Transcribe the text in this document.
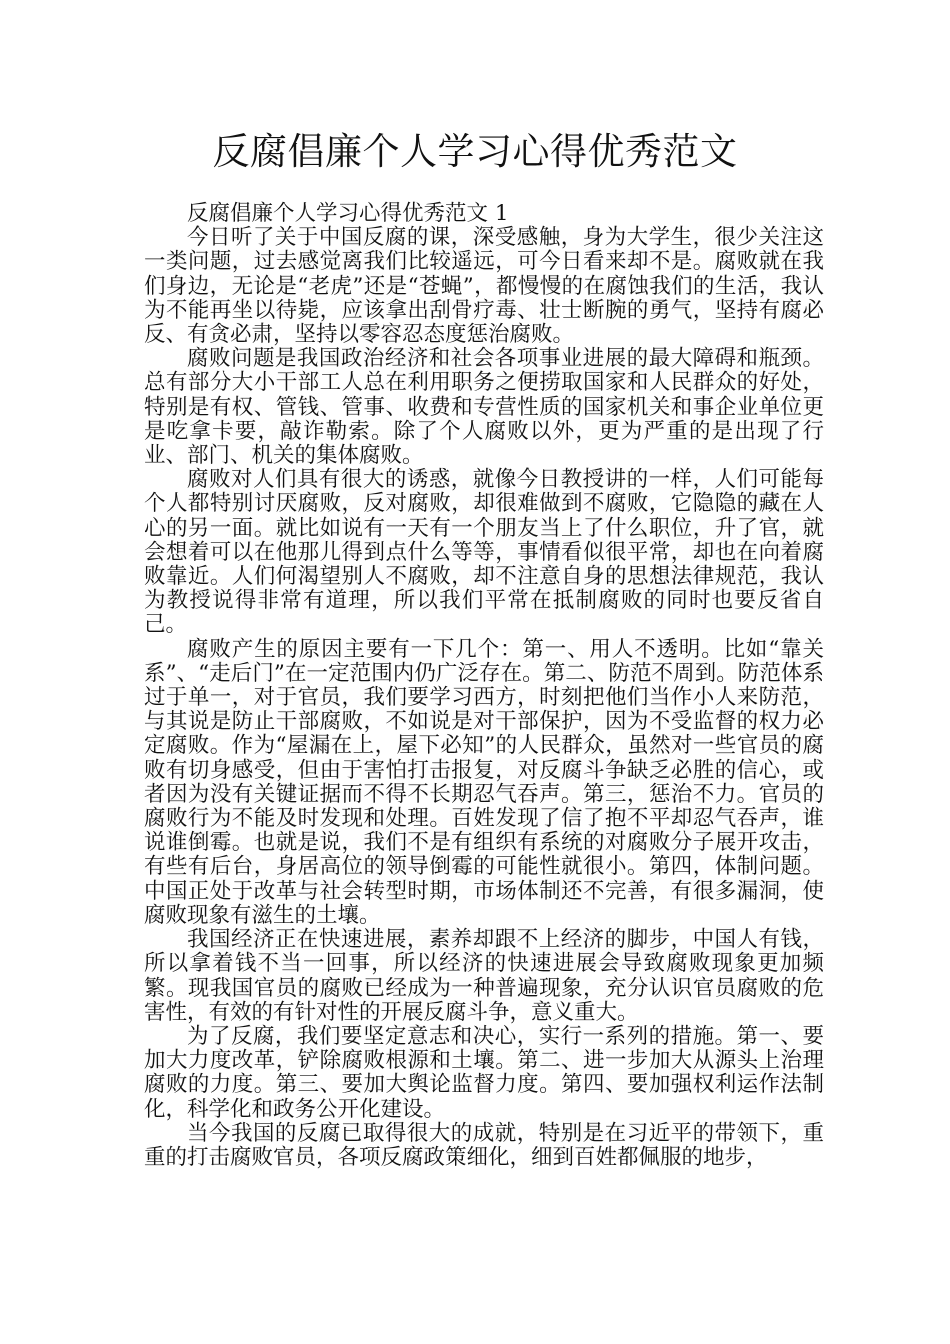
反腐倡廉个人学习心得优秀范文

反腐倡廉个人学习心得优秀范文 1

今日听了关于中国反腐的课，深受感触，身为大学生，很少关注这一类问题，过去感觉离我们比较遥远，可今日看来却不是。腐败就在我们身边，无论是“老虎”还是“苍蝇”，都慢慢的在腐蚀我们的生活，我认为不能再坐以待毙，应该拿出刮骨疗毒、壮士断腕的勇气，坚持有腐必反、有贪必肃，坚持以零容忍态度惩治腐败。

腐败问题是我国政治经济和社会各项事业进展的最大障碍和瓶颈。总有部分大小干部工人总在利用职务之便捞取国家和人民群众的好处，特别是有权、管钱、管事、收费和专营性质的国家机关和事企业单位更是吃拿卡要，敲诈勒索。除了个人腐败以外，更为严重的是出现了行业、部门、机关的集体腐败。

腐败对人们具有很大的诱惑，就像今日教授讲的一样，人们可能每个人都特别讨厌腐败，反对腐败，却很难做到不腐败，它隐隐的藏在人心的另一面。就比如说有一天有一个朋友当上了什么职位，升了官，就会想着可以在他那儿得到点什么等等，事情看似很平常，却也在向着腐败靠近。人们何渴望别人不腐败，却不注意自身的思想法律规范，我认为教授说得非常有道理，所以我们平常在抵制腐败的同时也要反省自己。

腐败产生的原因主要有一下几个：第一、用人不透明。比如“靠关系”、“走后门”在一定范围内仍广泛存在。第二、防范不周到。防范体系过于单一，对于官员，我们要学习西方，时刻把他们当作小人来防范，与其说是防止干部腐败，不如说是对干部保护，因为不受监督的权力必定腐败。作为“屋漏在上，屋下必知”的人民群众，虽然对一些官员的腐败有切身感受，但由于害怕打击报复，对反腐斗争缺乏必胜的信心，或者因为没有关键证据而不得不长期忍气吞声。第三，惩治不力。官员的腐败行为不能及时发现和处理。百姓发现了信了抱不平却忍气吞声，谁说谁倒霉。也就是说，我们不是有组织有系统的对腐败分子展开攻击，有些有后台，身居高位的领导倒霉的可能性就很小。第四，体制问题。中国正处于改革与社会转型时期，市场体制还不完善，有很多漏洞，使腐败现象有滋生的土壤。

我国经济正在快速进展，素养却跟不上经济的脚步，中国人有钱，所以拿着钱不当一回事，所以经济的快速进展会导致腐败现象更加频繁。现我国官员的腐败已经成为一种普遍现象，充分认识官员腐败的危害性，有效的有针对性的开展反腐斗争，意义重大。

为了反腐，我们要坚定意志和决心，实行一系列的措施。第一、要加大力度改革，铲除腐败根源和土壤。第二、进一步加大从源头上治理腐败的力度。第三、要加大舆论监督力度。第四、要加强权利运作法制化，科学化和政务公开化建设。

当今我国的反腐已取得很大的成就，特别是在习近平的带领下，重重的打击腐败官员，各项反腐政策细化，细到百姓都佩服的地步，
